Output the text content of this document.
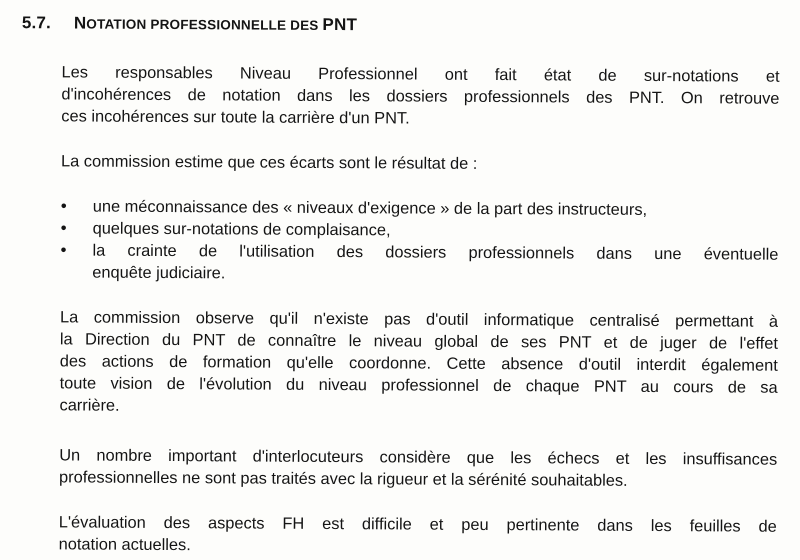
5.7. NOTATION PROFESSIONNELLE DES PNT
Les responsables Niveau Professionnel ont fait état de sur-notations et
d'incohérences de notation dans les dossiers professionnels des PNT. On retrouve
ces incohérences sur toute la carrière d'un PNT.
La commission estime que ces écarts sont le résultat de :
•	une méconnaissance des « niveaux d'exigence » de la part des instructeurs,
•	quelques sur-notations de complaisance,
•	la crainte de l'utilisation des dossiers professionnels dans une éventuelle
enquête judiciaire.
La commission observe qu'il n'existe pas d'outil informatique centralisé permettant à
la Direction du PNT de connaître le niveau global de ses PNT et de juger de l'effet
des actions de formation qu'elle coordonne. Cette absence d'outil interdit également
toute vision de l'évolution du niveau professionnel de chaque PNT au cours de sa
carrière.
Un nombre important d'interlocuteurs considère que les échecs et les insuffisances
professionnelles ne sont pas traités avec la rigueur et la sérénité souhaitables.
L'évaluation des aspects FH est difficile et peu pertinente dans les feuilles de
notation actuelles.
